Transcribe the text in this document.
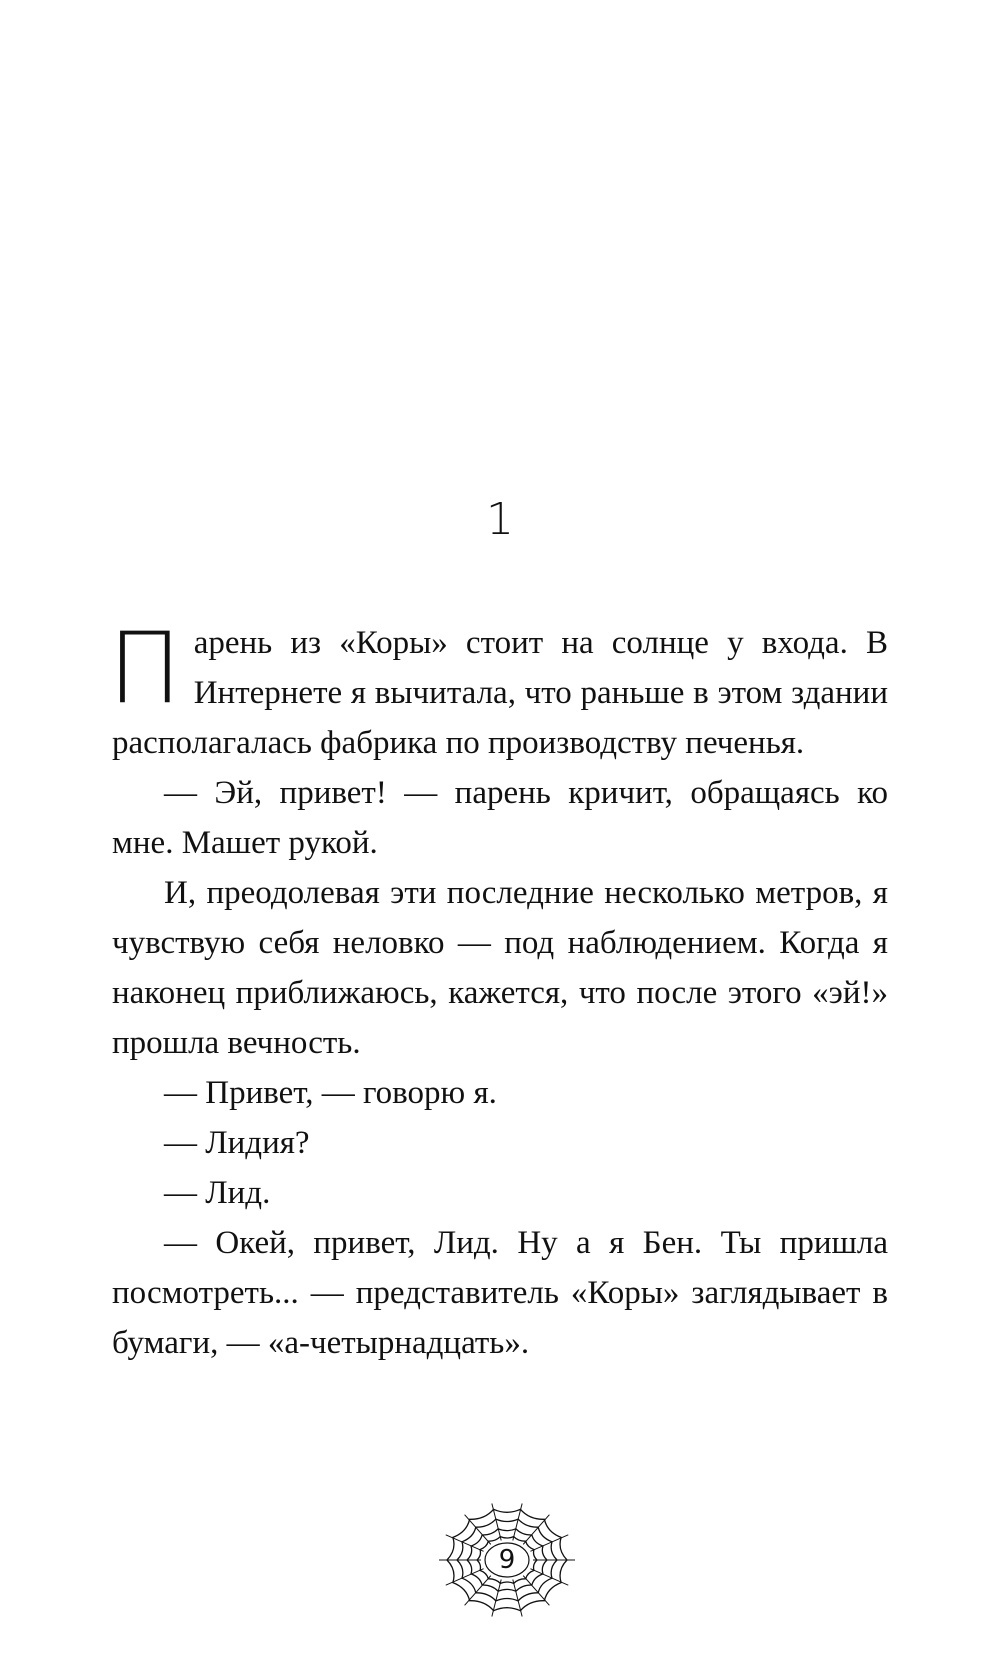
1

Парень из «Коры» стоит на солнце у входа. В Интернете я вычитала, что раньше в этом здании располагалась фабрика по производству печенья.

— Эй, привет! — парень кричит, обращаясь ко мне. Машет рукой.

И, преодолевая эти последние несколько метров, я чувствую себя неловко — под наблюдением. Когда я наконец приближаюсь, кажется, что после этого «эй!» прошла вечность.

— Привет, — говорю я.

— Лидия?

— Лид.

— Окей, привет, Лид. Ну а я Бен. Ты пришла посмотреть... — представитель «Коры» заглядывает в бумаги, — «а-четырнадцать».

9
